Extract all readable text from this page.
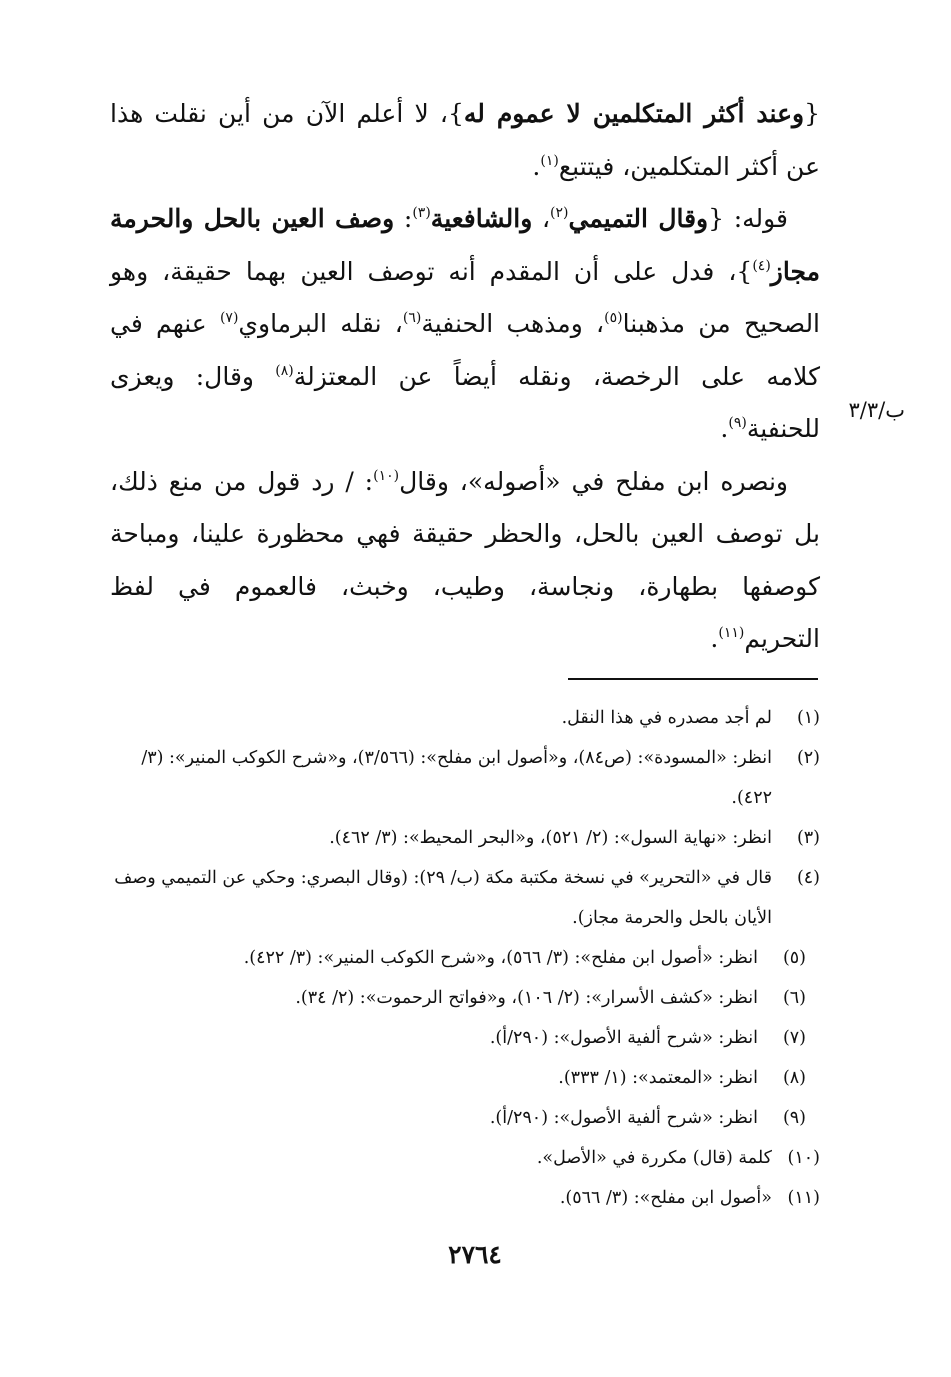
{وعند أكثر المتكلمين لا عموم له}، لا أعلم الآن من أين نقلت هذا عن أكثر المتكلمين، فيتتبع$^{(١)}$.

قوله: {وقال التميمي$^{(٢)}$، والشافعية$^{(٣)}$: وصف العين بالحل والحرمة مجاز$^{(٤)}$}، فدل على أن المقدم أنه توصف العين بهما حقيقة، وهو الصحيح من مذهبنا$^{(٥)}$، ومذهب الحنفية$^{(٦)}$، نقله البرماوي$^{(٧)}$ عنهم في كلامه على الرخصة، ونقله أيضاً عن المعتزلة$^{(٨)}$ وقال: ويعزى للحنفية$^{(٩)}$.

ونصره ابن مفلح في «أصوله»، وقال$^{(١٠)}$: / رد قول من منع ذلك، بل توصف العين بالحل، والحظر حقيقة فهي محظورة علينا، ومباحة كوصفها بطهارة، ونجاسة، وطيب، وخبث، فالعموم في لفظ التحريم$^{(١١)}$.

ب/٣/٣
(١)
لم أجد مصدره في هذا النقل.
(٢)
انظر: «المسودة»: (ص٨٤)، و«أصول ابن مفلح»: (٣/٥٦٦)، و«شرح الكوكب المنير»: (٣/ ٤٢٢).
(٣)
انظر: «نهاية السول»: (٢/ ٥٢١)، و«البحر المحيط»: (٣/ ٤٦٢).
(٤)
قال في «التحرير» في نسخة مكتبة مكة (ب/ ٢٩): (وقال البصري: وحكي عن التميمي وصف الأيان بالحل والحرمة مجاز).
(٥)
انظر: «أصول ابن مفلح»: (٣/ ٥٦٦)، و«شرح الكوكب المنير»: (٣/ ٤٢٢).
(٦)
انظر: «كشف الأسرار»: (٢/ ١٠٦)، و«فواتح الرحموت»: (٢/ ٣٤).
(٧)
انظر: «شرح ألفية الأصول»: (٢٩٠/أ).
(٨)
انظر: «المعتمد»: (١/ ٣٣٣).
(٩)
انظر: «شرح ألفية الأصول»: (٢٩٠/أ).
(١٠)
كلمة (قال) مكررة في «الأصل».
(١١)
«أصول ابن مفلح»: (٣/ ٥٦٦).
٢٧٦٤
